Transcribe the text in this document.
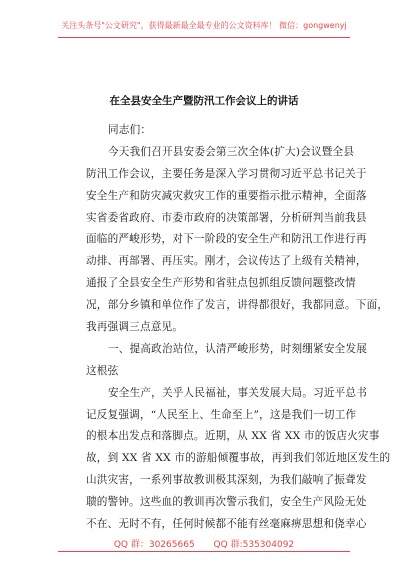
关注头条号"公文研究"，获得最新最全最专业的公文资料库！ 微信：gongwenyj
在全县安全生产暨防汛工作会议上的讲话
同志们：
今天我们召开县安委会第三次全体(扩大)会议暨全县
防汛工作会议，主要任务是深入学习贯彻习近平总书记关于
安全生产和防灾减灾救灾工作的重要指示批示精神，全面落
实省委省政府、市委市政府的决策部署，分析研判当前我县
面临的严峻形势，对下一阶段的安全生产和防汛工作进行再
动排、再部署、再压实。刚才，会议传达了上级有关精神，
通报了全县安全生产形势和省驻点包抓组反馈问题整改情
况，部分乡镇和单位作了发言，讲得都很好，我都同意。下面，
我再强调三点意见。
一、提高政治站位，认清严峻形势，时刻绷紧安全发展
这根弦
安全生产，关乎人民福祉，事关发展大局。习近平总书
记反复强调，“人民至上、生命至上”，这是我们一切工作
的根本出发点和落脚点。近期，从 XX 省 XX 市的饭店火灾事
故，到 XX 省 XX 市的游船倾覆事故，再到我们邻近地区发生的
山洪灾害，一系列事故教训极其深刻，为我们敲响了振聋发
聩的警钟。这些血的教训再次警示我们，安全生产风险无处
不在、无时不有，任何时候都不能有丝毫麻痹思想和侥幸心
QQ 群：30265665 QQ 群:535304092
